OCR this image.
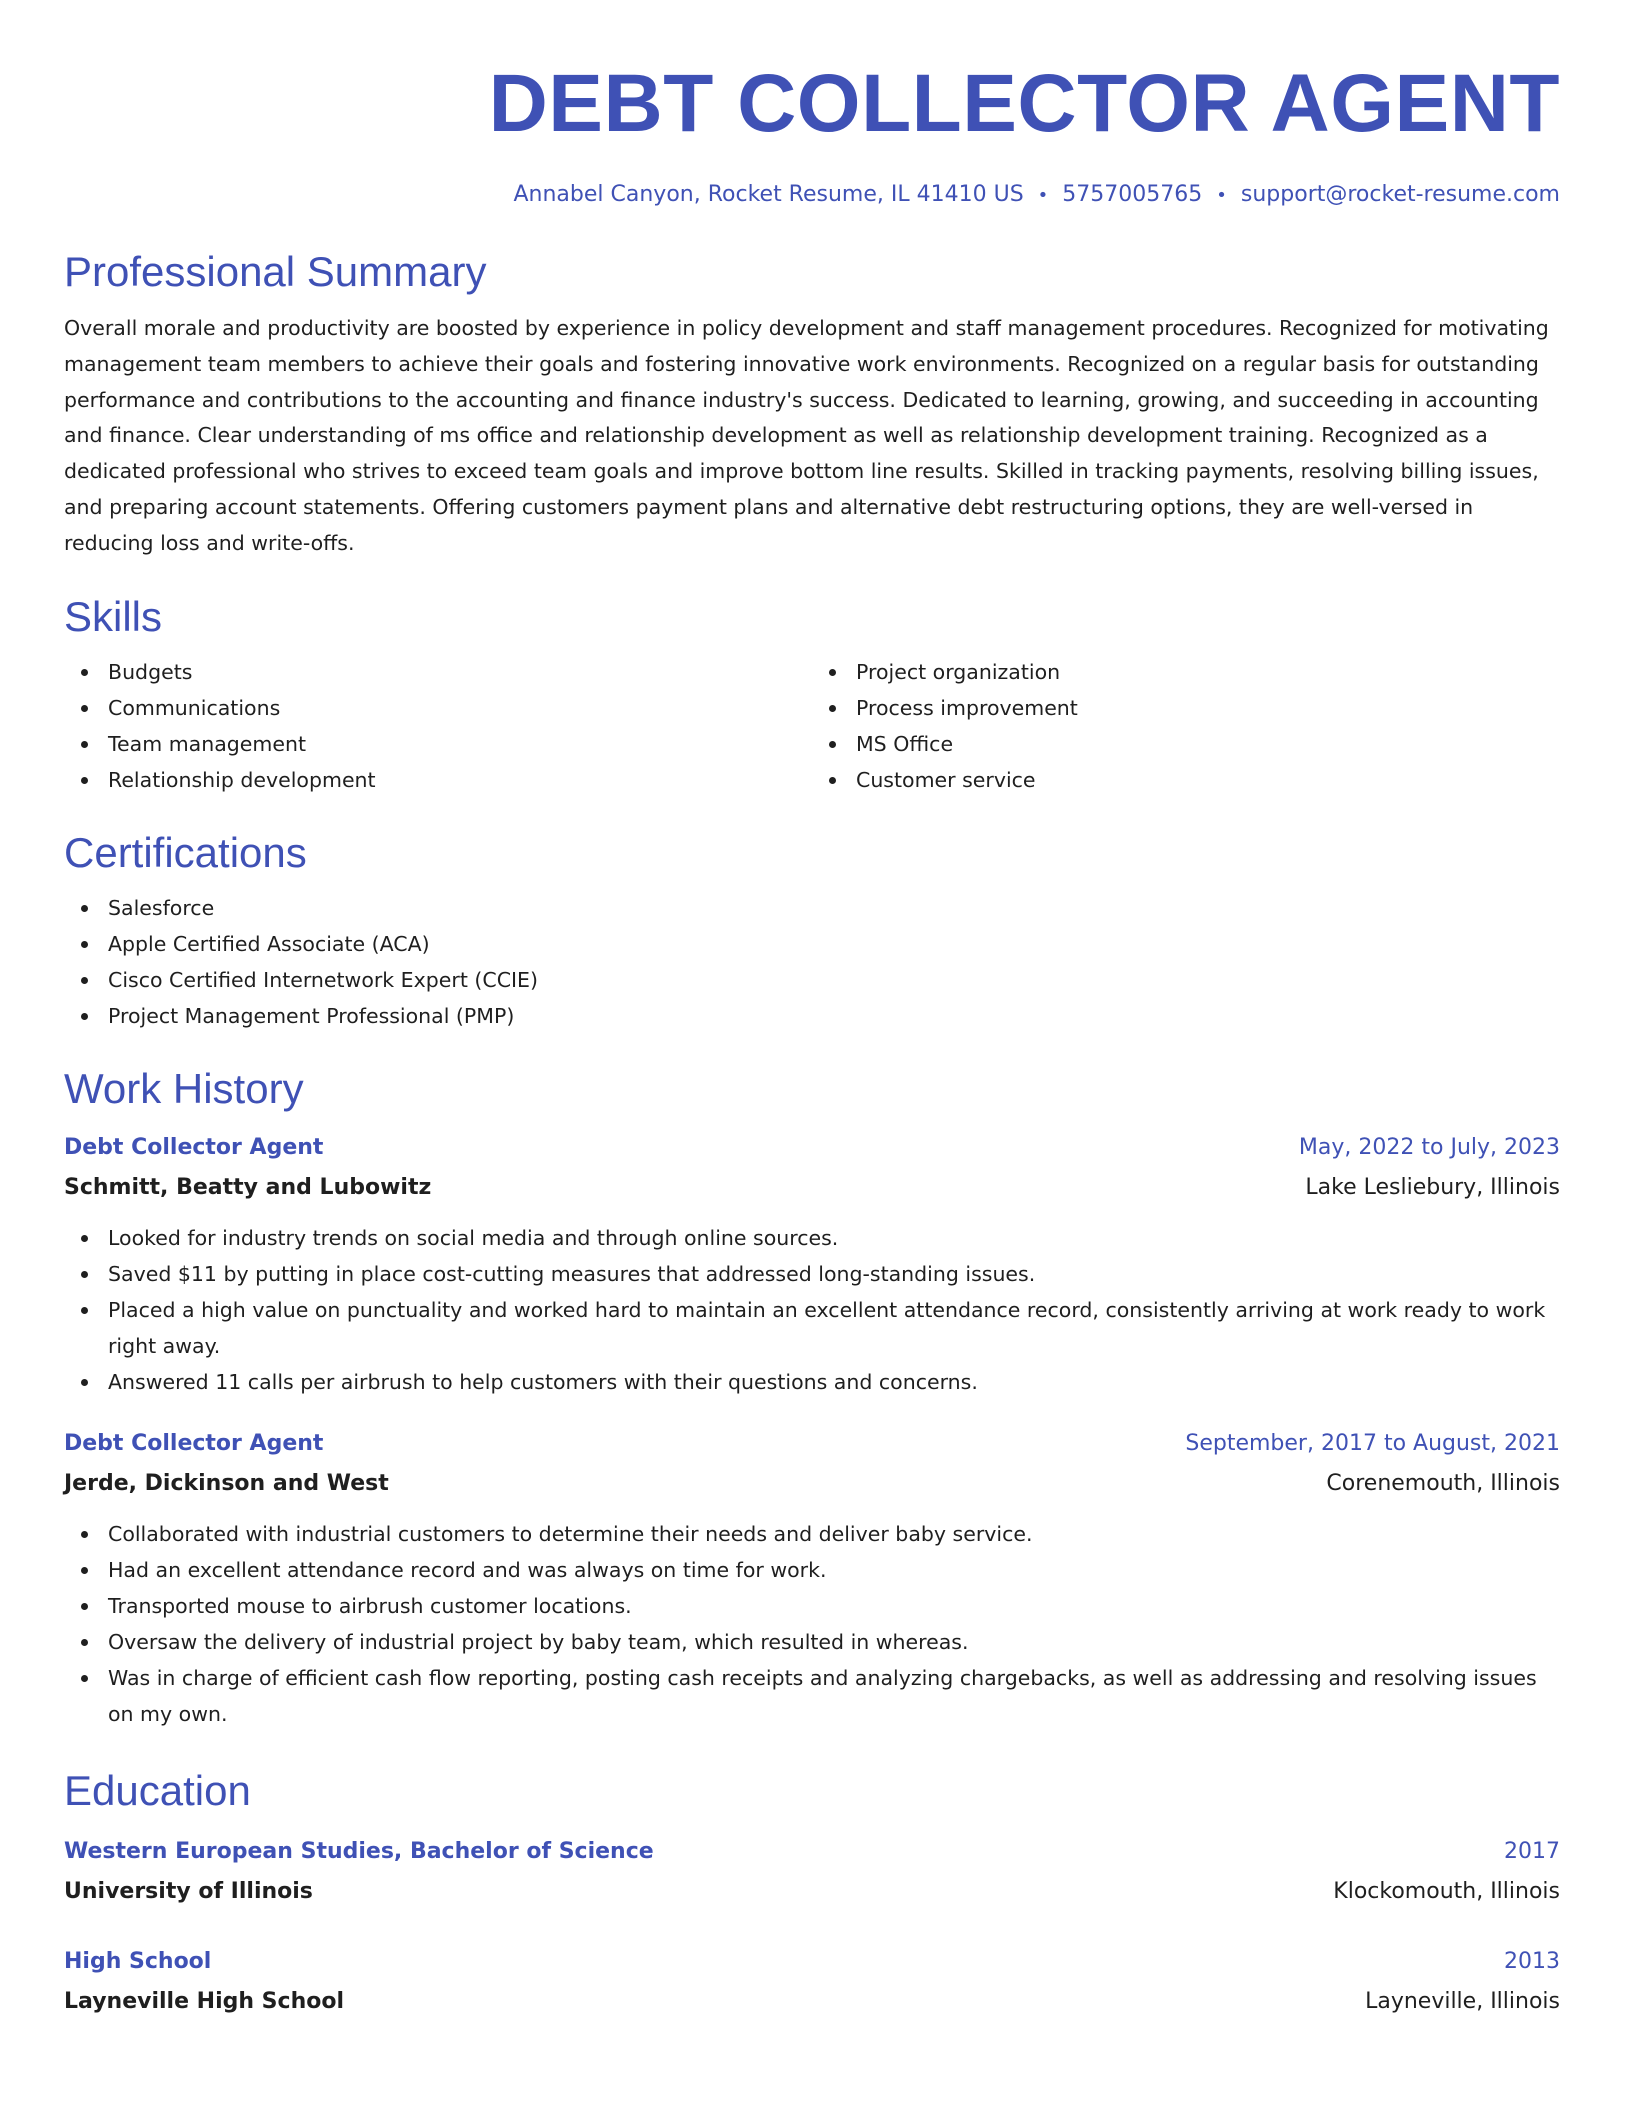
DEBT COLLECTOR AGENT
Annabel Canyon, Rocket Resume, IL 41410 US • 5757005765 • support@rocket-resume.com
Professional Summary

Overall morale and productivity are boosted by experience in policy development and staff management procedures. Recognized for motivating management team members to achieve their goals and fostering innovative work environments. Recognized on a regular basis for outstanding performance and contributions to the accounting and finance industry's success. Dedicated to learning, growing, and succeeding in accounting and finance. Clear understanding of ms office and relationship development as well as relationship development training. Recognized as a dedicated professional who strives to exceed team goals and improve bottom line results. Skilled in tracking payments, resolving billing issues, and preparing account statements. Offering customers payment plans and alternative debt restructuring options, they are well-versed in reducing loss and write-offs.

Skills
Budgets
Communications
Team management
Relationship development
Project organization
Process improvement
MS Office
Customer service
Certifications
Salesforce
Apple Certified Associate (ACA)
Cisco Certified Internetwork Expert (CCIE)
Project Management Professional (PMP)
Work History
Debt Collector Agent	May, 2022 to July, 2023
Schmitt, Beatty and Lubowitz	Lake Lesliebury, Illinois
Looked for industry trends on social media and through online sources.
Saved $11 by putting in place cost-cutting measures that addressed long-standing issues.
Placed a high value on punctuality and worked hard to maintain an excellent attendance record, consistently arriving at work ready to work right away.
Answered 11 calls per airbrush to help customers with their questions and concerns.
Debt Collector Agent	September, 2017 to August, 2021
Jerde, Dickinson and West	Corenemouth, Illinois
Collaborated with industrial customers to determine their needs and deliver baby service.
Had an excellent attendance record and was always on time for work.
Transported mouse to airbrush customer locations.
Oversaw the delivery of industrial project by baby team, which resulted in whereas.
Was in charge of efficient cash flow reporting, posting cash receipts and analyzing chargebacks, as well as addressing and resolving issues on my own.
Education
Western European Studies, Bachelor of Science	2017
University of Illinois	Klockomouth, Illinois
High School	2013
Layneville High School	Layneville, Illinois
